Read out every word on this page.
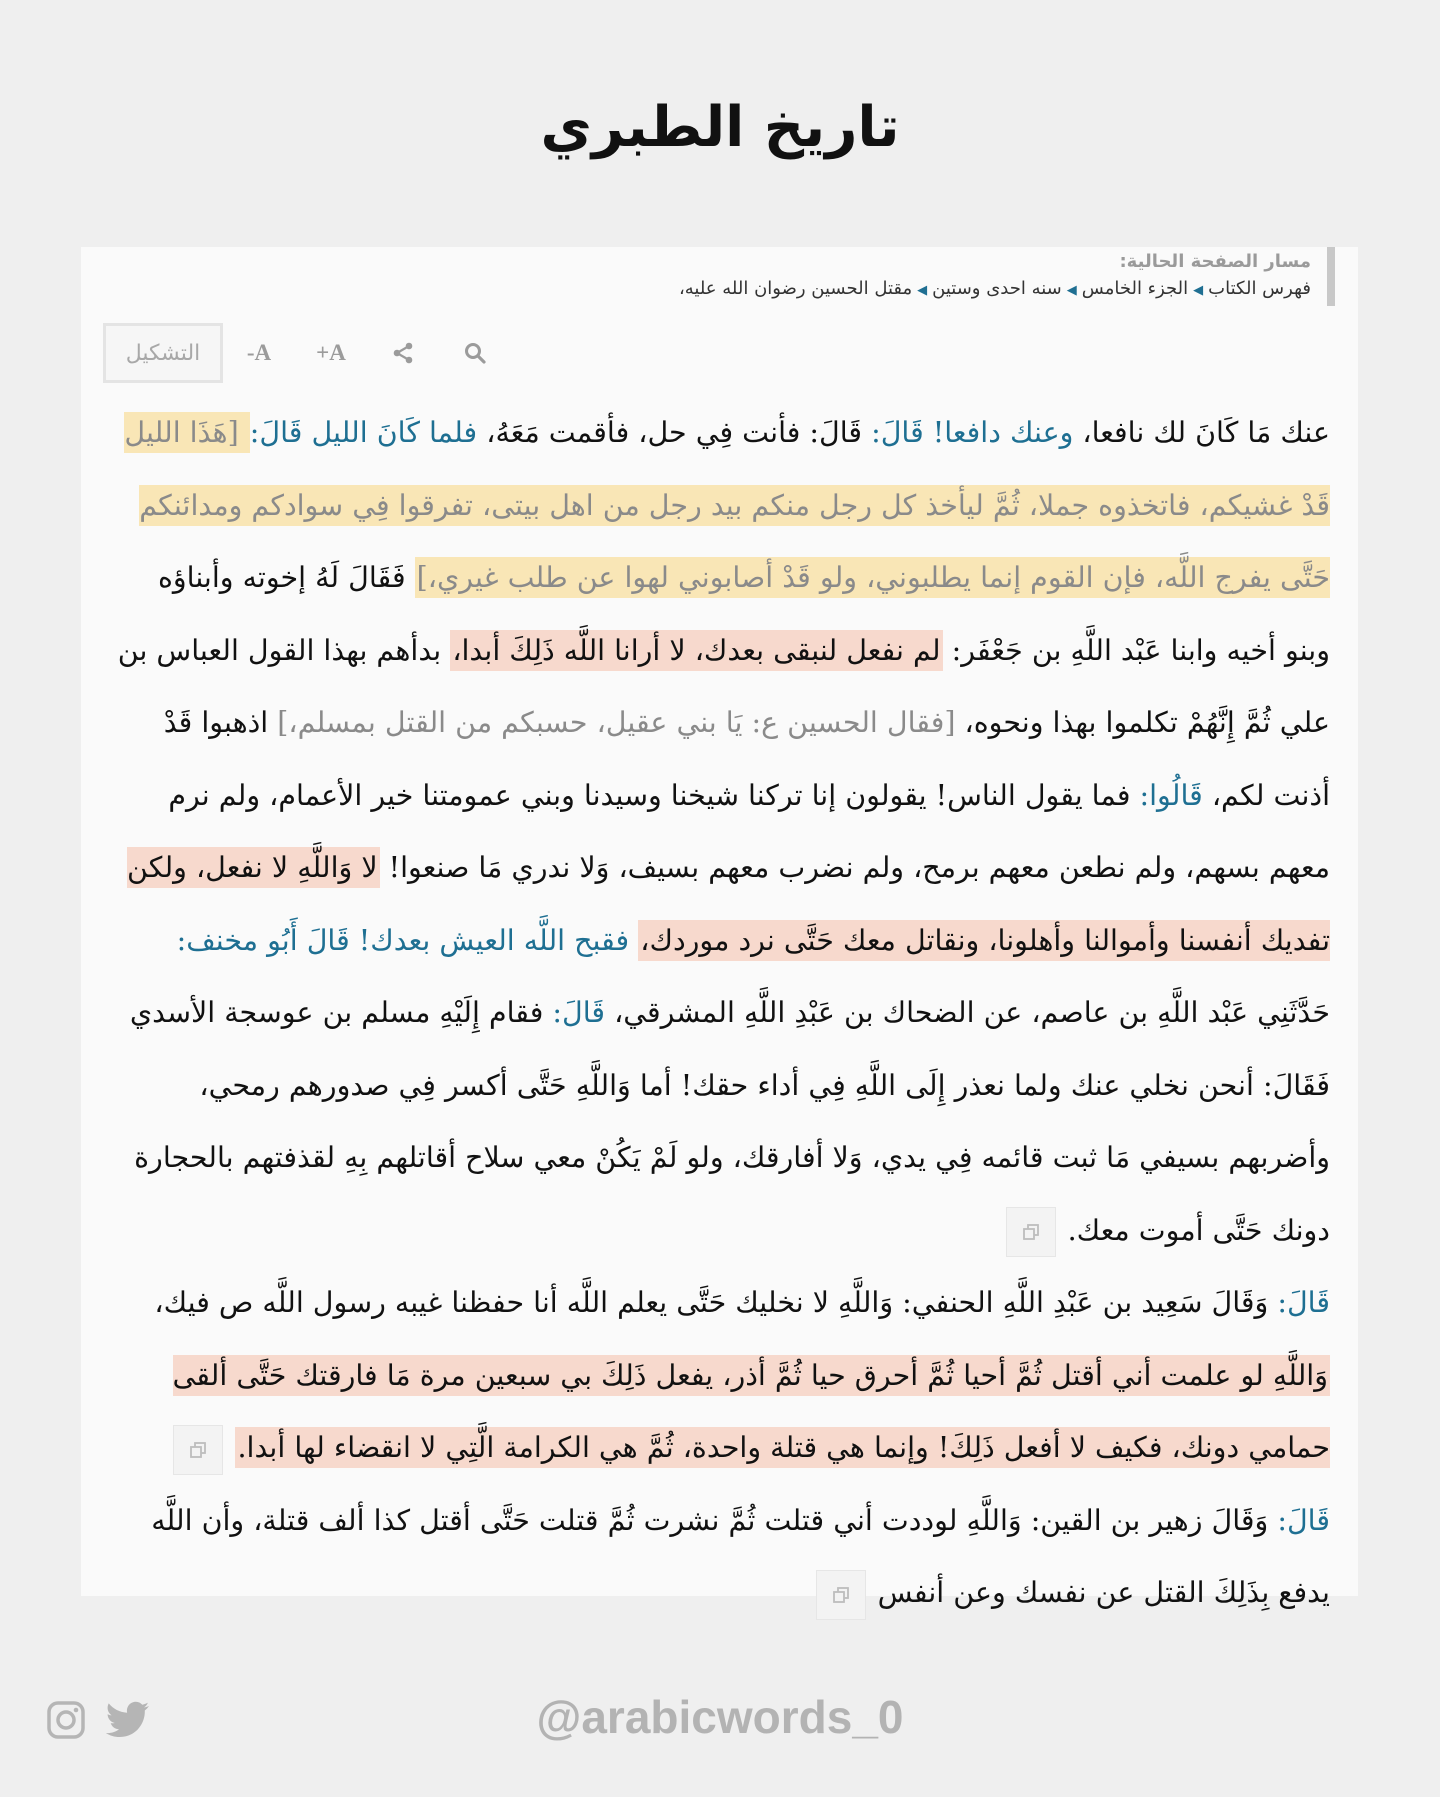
تاريخ الطبري
مسار الصفحة الحالية:
فهرس الكتاب◀الجزء الخامس◀سنه احدى وستين◀مقتل الحسين رضوان الله عليه،
التشكيل	-A	+A

عنك مَا كَانَ لك نافعا، وعنك دافعا! قَالَ: قَالَ: فأنت فِي حل، فأقمت مَعَهُ، فلما كَانَ الليل قَالَ: [هَذَا الليل قَدْ غشيكم، فاتخذوه جملا، ثُمَّ ليأخذ كل رجل منكم بيد رجل من اهل بيتى، تفرقوا فِي سوادكم ومدائنكم حَتَّى يفرج اللَّه، فإن القوم إنما يطلبوني، ولو قَدْ أصابوني لهوا عن طلب غيري،] فَقَالَ لَهُ إخوته وأبناؤه وبنو أخيه وابنا عَبْد اللَّهِ بن جَعْفَر: لم نفعل لنبقى بعدك، لا أرانا اللَّه ذَلِكَ أبدا، بدأهم بهذا القول العباس بن علي ثُمَّ إِنَّهُمْ تكلموا بهذا ونحوه، [فقال الحسين ع: يَا بني عقيل، حسبكم من القتل بمسلم،] اذهبوا قَدْ أذنت لكم، قَالُوا: فما يقول الناس! يقولون إنا تركنا شيخنا وسيدنا وبني عمومتنا خير الأعمام، ولم نرم معهم بسهم، ولم نطعن معهم برمح، ولم نضرب معهم بسيف، وَلا ندري مَا صنعوا! لا وَاللَّهِ لا نفعل، ولكن تفديك أنفسنا وأموالنا وأهلونا، ونقاتل معك حَتَّى نرد موردك، فقبح اللَّه العيش بعدك! قَالَ أَبُو مخنف: حَدَّثَنِي عَبْد اللَّهِ بن عاصم، عن الضحاك بن عَبْدِ اللَّهِ المشرقي، قَالَ: فقام إِلَيْهِ مسلم بن عوسجة الأسدي فَقَالَ: أنحن نخلي عنك ولما نعذر إِلَى اللَّهِ فِي أداء حقك! أما وَاللَّهِ حَتَّى أكسر فِي صدورهم رمحي، وأضربهم بسيفي مَا ثبت قائمه فِي يدي، وَلا أفارقك، ولو لَمْ يَكُنْ معي سلاح أقاتلهم بِهِ لقذفتهم بالحجارة دونك حَتَّى أموت معك.

قَالَ: وَقَالَ سَعِيد بن عَبْدِ اللَّهِ الحنفي: وَاللَّهِ لا نخليك حَتَّى يعلم اللَّه أنا حفظنا غيبه رسول اللَّه ص فيك، وَاللَّهِ لو علمت أني أقتل ثُمَّ أحيا ثُمَّ أحرق حيا ثُمَّ أذر، يفعل ذَلِكَ بي سبعين مرة مَا فارقتك حَتَّى ألقى حمامي دونك، فكيف لا أفعل ذَلِكَ! وإنما هي قتلة واحدة، ثُمَّ هي الكرامة الَّتِي لا انقضاء لها أبدا.

قَالَ: وَقَالَ زهير بن القين: وَاللَّهِ لوددت أني قتلت ثُمَّ نشرت ثُمَّ قتلت حَتَّى أقتل كذا ألف قتلة، وأن اللَّه يدفع بِذَلِكَ القتل عن نفسك وعن أنفس

@arabicwords_0
